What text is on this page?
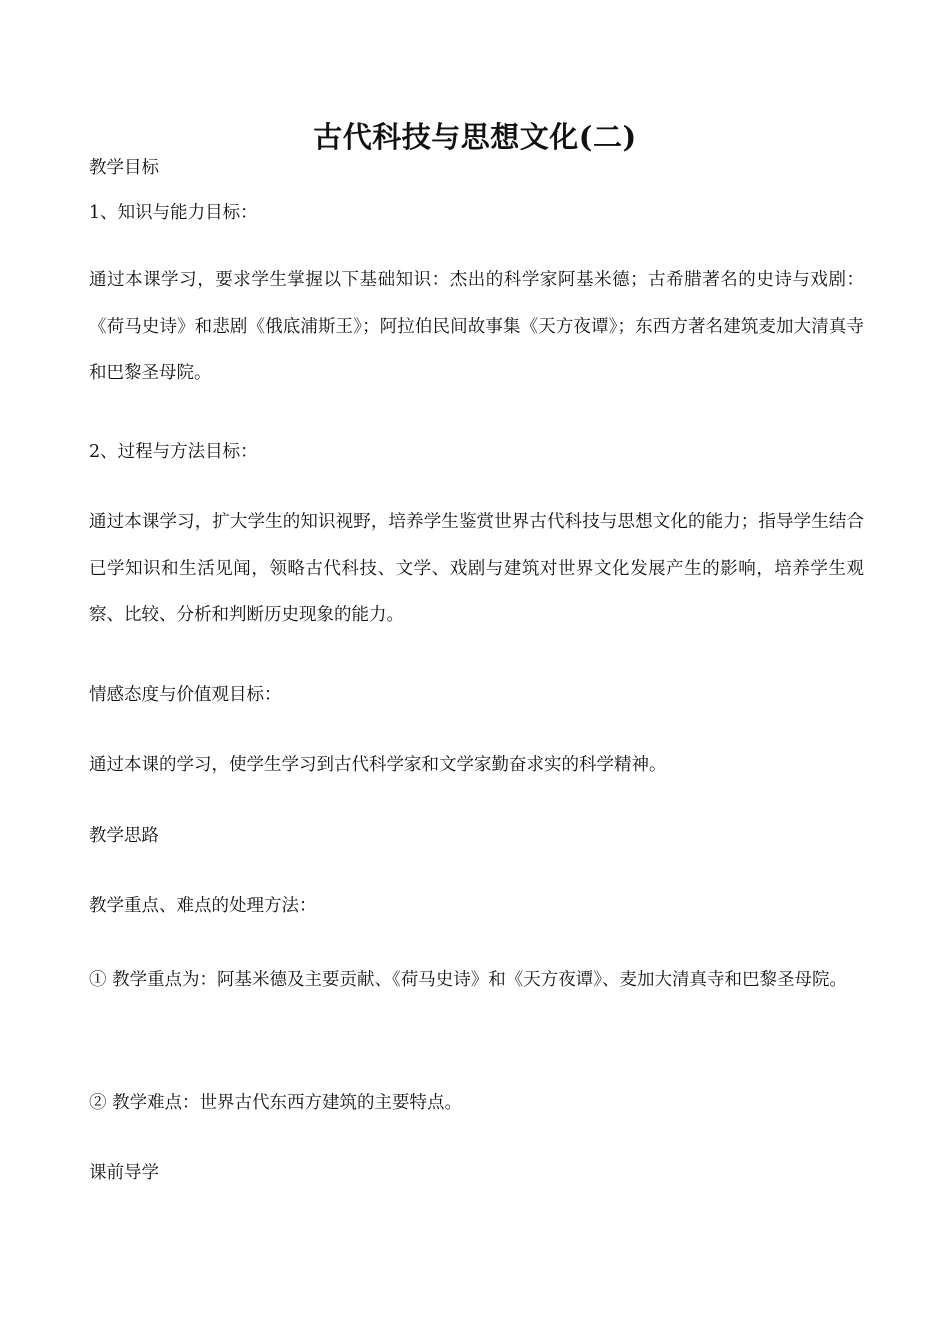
古代科技与思想文化(二)

教学目标

1、知识与能力目标：

通过本课学习，要求学生掌握以下基础知识：杰出的科学家阿基米德；古希腊著名的史诗与戏剧：《荷马史诗》和悲剧《俄底浦斯王》；阿拉伯民间故事集《天方夜谭》；东西方著名建筑麦加大清真寺和巴黎圣母院。

2、过程与方法目标：

通过本课学习，扩大学生的知识视野，培养学生鉴赏世界古代科技与思想文化的能力；指导学生结合已学知识和生活见闻，领略古代科技、文学、戏剧与建筑对世界文化发展产生的影响，培养学生观察、比较、分析和判断历史现象的能力。

情感态度与价值观目标：

通过本课的学习，使学生学习到古代科学家和文学家勤奋求实的科学精神。

教学思路

教学重点、难点的处理方法：

① 教学重点为：阿基米德及主要贡献、《荷马史诗》和《天方夜谭》、麦加大清真寺和巴黎圣母院。

② 教学难点：世界古代东西方建筑的主要特点。

课前导学
